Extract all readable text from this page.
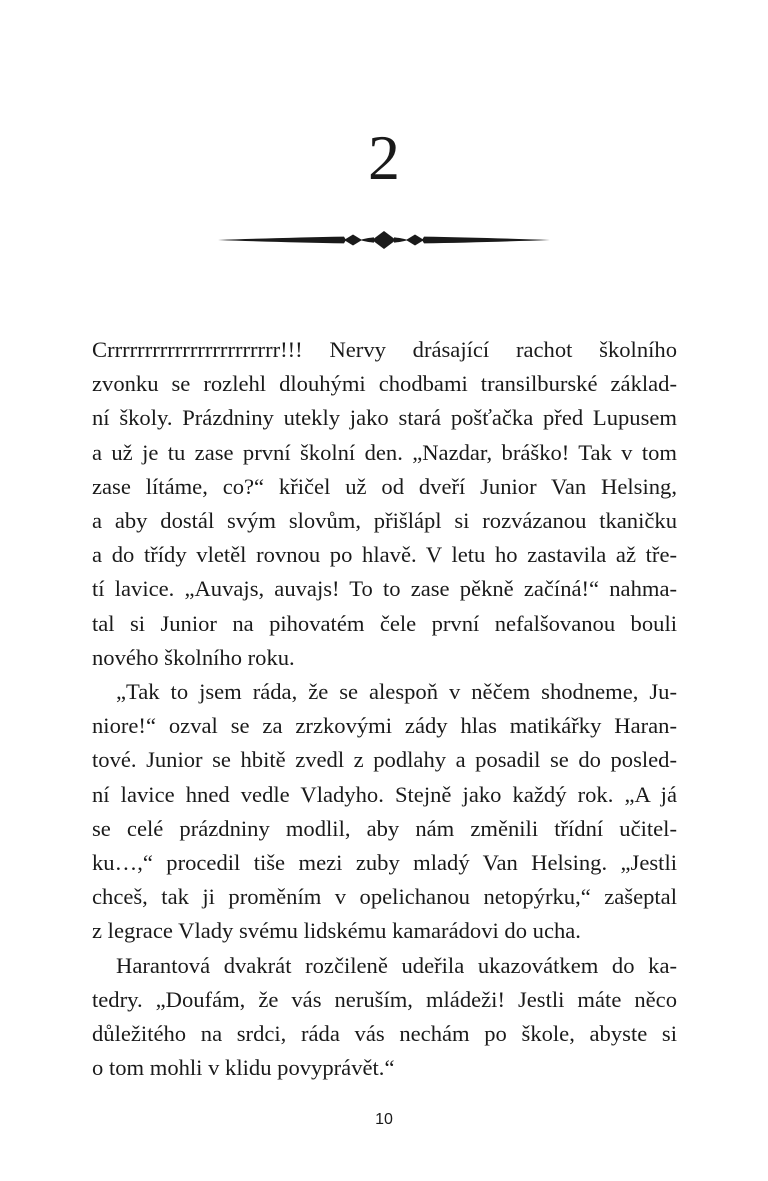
2
Crrrrrrrrrrrrrrrrrrrrrrr!!! Nervy drásající rachot školního
zvonku se rozlehl dlouhými chodbami transilburské základ-
ní školy. Prázdniny utekly jako stará pošťačka před Lupusem
a už je tu zase první školní den. „Nazdar, bráško! Tak v tom
zase lítáme, co?“ křičel už od dveří Junior Van Helsing,
a aby dostál svým slovům, přišlápl si rozvázanou tkaničku
a do třídy vletěl rovnou po hlavě. V letu ho zastavila až tře-
tí lavice. „Auvajs, auvajs! To to zase pěkně začíná!“ nahma-
tal si Junior na pihovatém čele první nefalšovanou bouli
nového školního roku.
„Tak to jsem ráda, že se alespoň v něčem shodneme, Ju-
niore!“ ozval se za zrzkovými zády hlas matikářky Haran-
tové. Junior se hbitě zvedl z podlahy a posadil se do posled-
ní lavice hned vedle Vladyho. Stejně jako každý rok. „A já
se celé prázdniny modlil, aby nám změnili třídní učitel-
ku…,“ procedil tiše mezi zuby mladý Van Helsing. „Jestli
chceš, tak ji proměním v opelichanou netopýrku,“ zašeptal
z legrace Vlady svému lidskému kamarádovi do ucha.
Harantová dvakrát rozčileně udeřila ukazovátkem do ka-
tedry. „Doufám, že vás neruším, mládeži! Jestli máte něco
důležitého na srdci, ráda vás nechám po škole, abyste si
o tom mohli v klidu povyprávět.“
10
